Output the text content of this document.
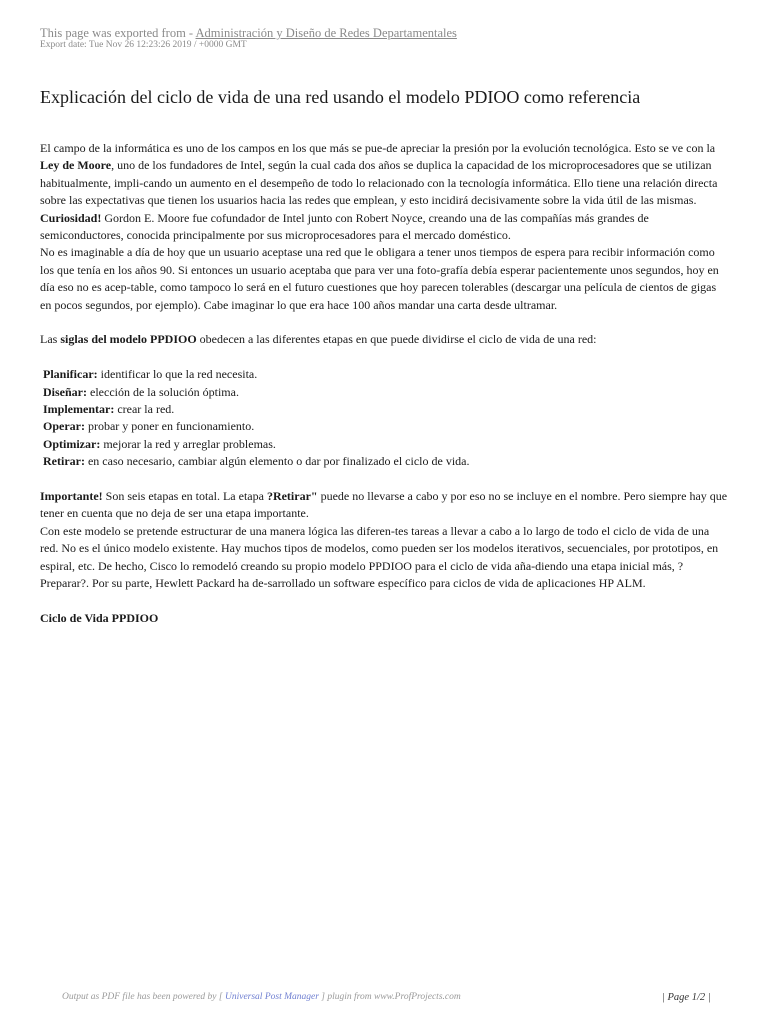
This page was exported from - Administración y Diseño de Redes Departamentales
Export date: Tue Nov 26 12:23:26 2019 / +0000 GMT
Explicación del ciclo de vida de una red usando el modelo PDIOO como referencia

El campo de la informática es uno de los campos en los que más se pue-de apreciar la presión por la evolución tecnológica. Esto se ve con la Ley de Moore, uno de los fundadores de Intel, según la cual cada dos años se duplica la capacidad de los microprocesadores que se utilizan habitualmente, impli-cando un aumento en el desempeño de todo lo relacionado con la tecnología informática. Ello tiene una relación directa sobre las expectativas que tienen los usuarios hacia las redes que emplean, y esto incidirá decisivamente sobre la vida útil de las mismas.

Curiosidad! Gordon E. Moore fue cofundador de Intel junto con Robert Noyce, creando una de las compañías más grandes de semiconductores, conocida principalmente por sus microprocesadores para el mercado doméstico.

No es imaginable a día de hoy que un usuario aceptase una red que le obligara a tener unos tiempos de espera para recibir información como los que tenía en los años 90. Si entonces un usuario aceptaba que para ver una foto-grafía debía esperar pacientemente unos segundos, hoy en día eso no es acep-table, como tampoco lo será en el futuro cuestiones que hoy parecen tolerables (descargar una película de cientos de gigas en pocos segundos, por ejemplo). Cabe imaginar lo que era hace 100 años mandar una carta desde ultramar.

Las siglas del modelo PPDIOO obedecen a las diferentes etapas en que puede dividirse el ciclo de vida de una red:

Planificar: identificar lo que la red necesita.
Diseñar: elección de la solución óptima.
Implementar: crear la red.
Operar: probar y poner en funcionamiento.
Optimizar: mejorar la red y arreglar problemas.
Retirar: en caso necesario, cambiar algún elemento o dar por finalizado el ciclo de vida.

Importante! Son seis etapas en total. La etapa ?Retirar" puede no llevarse a cabo y por eso no se incluye en el nombre. Pero siempre hay que tener en cuenta que no deja de ser una etapa importante.

Con este modelo se pretende estructurar de una manera lógica las diferen-tes tareas a llevar a cabo a lo largo de todo el ciclo de vida de una red. No es el único modelo existente. Hay muchos tipos de modelos, como pueden ser los modelos iterativos, secuenciales, por prototipos, en espiral, etc. De hecho, Cisco lo remodeló creando su propio modelo PPDIOO para el ciclo de vida aña-diendo una etapa inicial más, ?Preparar?. Por su parte, Hewlett Packard ha de-sarrollado un software específico para ciclos de vida de aplicaciones HP ALM.

Ciclo de Vida PPDIOO

Output as PDF file has been powered by [ Universal Post Manager ] plugin from www.ProfProjects.com	| Page 1/2 |
